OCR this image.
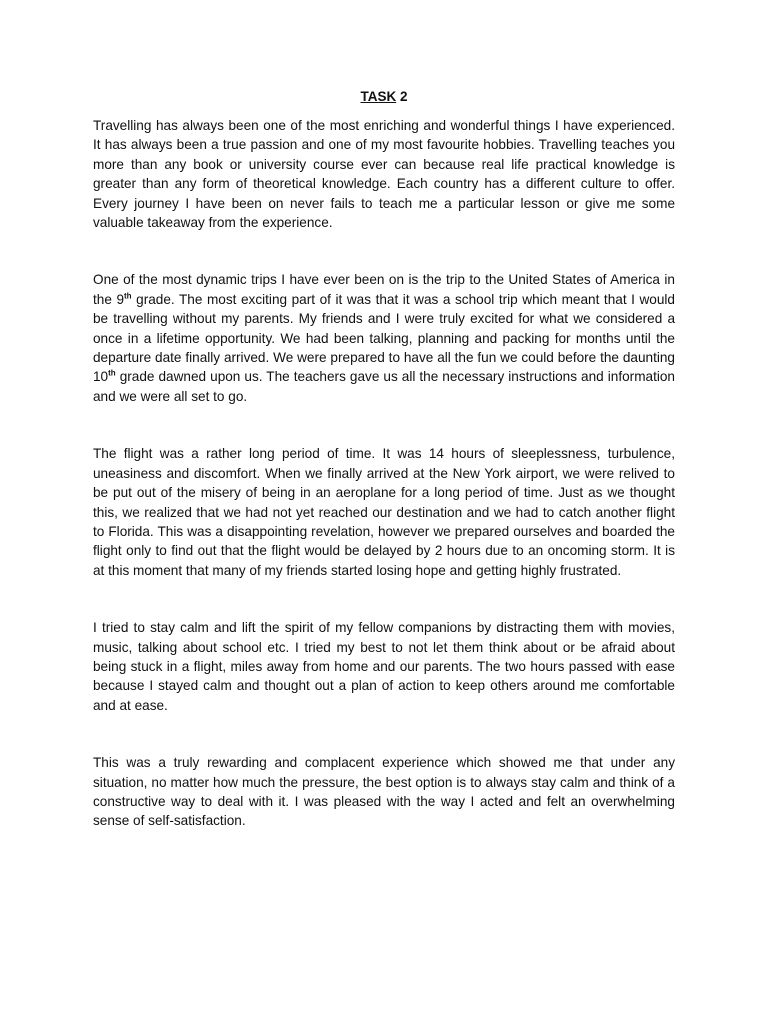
TASK 2

Travelling has always been one of the most enriching and wonderful things I have experienced. It has always been a true passion and one of my most favourite hobbies. Travelling teaches you more than any book or university course ever can because real life practical knowledge is greater than any form of theoretical knowledge. Each country has a different culture to offer. Every journey I have been on never fails to teach me a particular lesson or give me some valuable takeaway from the experience.

One of the most dynamic trips I have ever been on is the trip to the United States of America in the 9th grade. The most exciting part of it was that it was a school trip which meant that I would be travelling without my parents. My friends and I were truly excited for what we considered a once in a lifetime opportunity. We had been talking, planning and packing for months until the departure date finally arrived. We were prepared to have all the fun we could before the daunting 10th grade dawned upon us. The teachers gave us all the necessary instructions and information and we were all set to go.

The flight was a rather long period of time. It was 14 hours of sleeplessness, turbulence, uneasiness and discomfort. When we finally arrived at the New York airport, we were relived to be put out of the misery of being in an aeroplane for a long period of time. Just as we thought this, we realized that we had not yet reached our destination and we had to catch another flight to Florida. This was a disappointing revelation, however we prepared ourselves and boarded the flight only to find out that the flight would be delayed by 2 hours due to an oncoming storm. It is at this moment that many of my friends started losing hope and getting highly frustrated.

I tried to stay calm and lift the spirit of my fellow companions by distracting them with movies, music, talking about school etc. I tried my best to not let them think about or be afraid about being stuck in a flight, miles away from home and our parents. The two hours passed with ease because I stayed calm and thought out a plan of action to keep others around me comfortable and at ease.

This was a truly rewarding and complacent experience which showed me that under any situation, no matter how much the pressure, the best option is to always stay calm and think of a constructive way to deal with it. I was pleased with the way I acted and felt an overwhelming sense of self-satisfaction.
